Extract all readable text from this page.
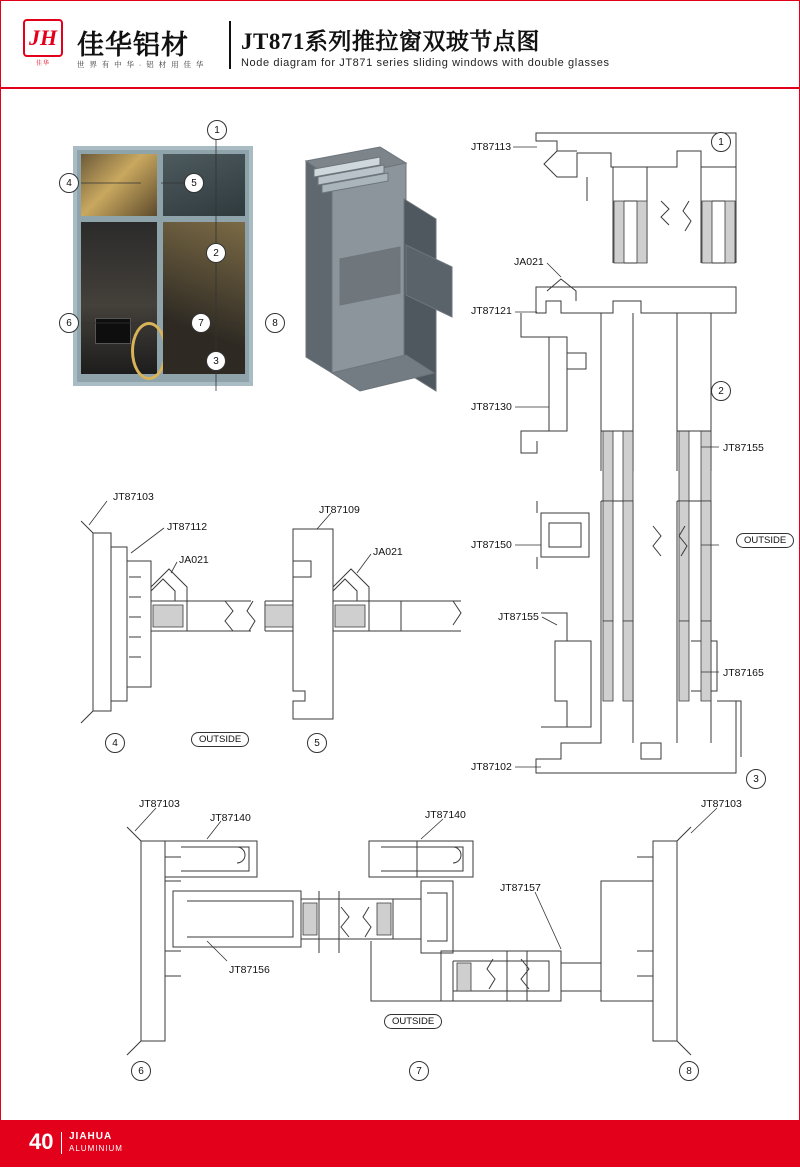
JH
佳华
佳华铝材
世 界 有 中 华 · 铝 材 用 佳 华
JT871系列推拉窗双玻节点图
Node diagram for JT871 series sliding windows with double glasses
JT87113
JA021
JT87121
JT87130
JT87155
JT87150
JT87155
JT87165
JT87102
JT87103
JT87112
JA021
JT87109
JA021
JT87103
JT87140	JT87140
JT87157
JT87156
JT87103
OUTSIDE
OUTSIDE
OUTSIDE
1
4	5
2
6	7	8
3
1
2
3
4	5
6	7	8
40 JIAHUA
ALUMINIUM
